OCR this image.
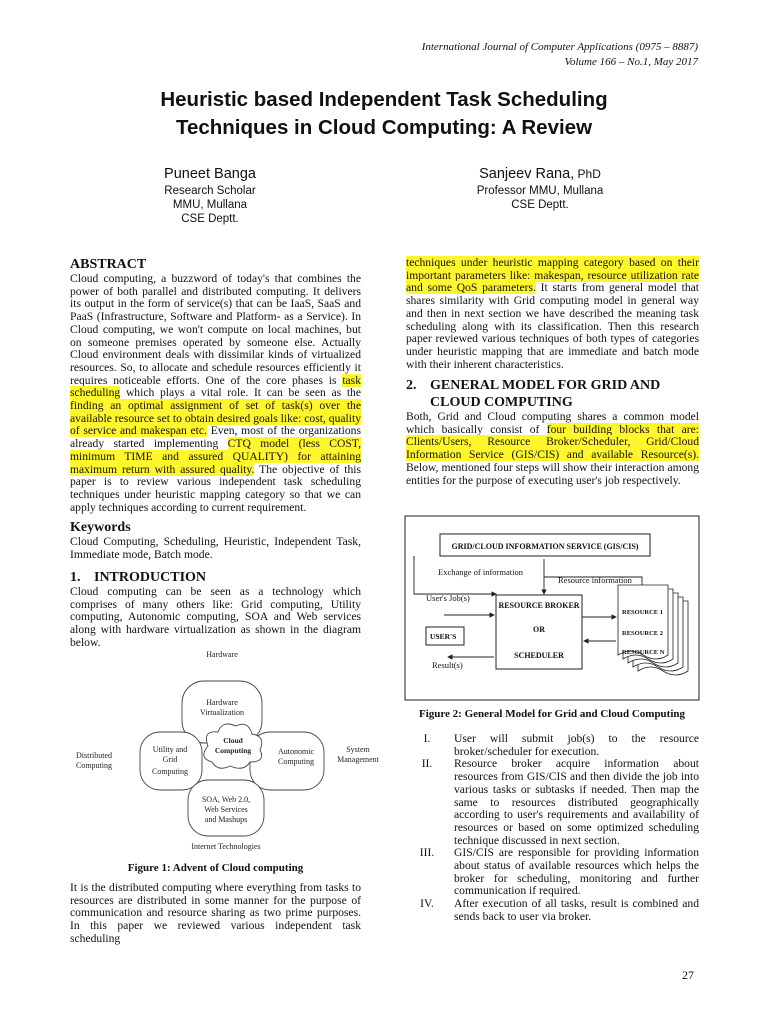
International Journal of Computer Applications (0975 – 8887)
Volume 166 – No.1, May 2017
Heuristic based Independent Task Scheduling
Techniques in Cloud Computing: A Review
Puneet Banga
Research Scholar
MMU, Mullana
CSE Deptt.
Sanjeev Rana, PhD
Professor MMU, Mullana
CSE Deptt.
ABSTRACT

Cloud computing, a buzzword of today's that combines the power of both parallel and distributed computing. It delivers its output in the form of service(s) that can be IaaS, SaaS and PaaS (Infrastructure, Software and Platform- as a Service). In Cloud computing, we won't compute on local machines, but on someone premises operated by someone else. Actually Cloud environment deals with dissimilar kinds of virtualized resources. So, to allocate and schedule resources efficiently it requires noticeable efforts. One of the core phases is task scheduling which plays a vital role. It can be seen as the finding an optimal assignment of set of task(s) over the available resource set to obtain desired goals like: cost, quality of service and makespan etc. Even, most of the organizations already started implementing CTQ model (less COST, minimum TIME and assured QUALITY) for attaining maximum return with assured quality. The objective of this paper is to review various independent task scheduling techniques under heuristic mapping category so that we can apply techniques according to current requirement.

Keywords

Cloud Computing, Scheduling, Heuristic, Independent Task, Immediate mode, Batch mode.

1. INTRODUCTION

Cloud computing can be seen as a technology which comprises of many others like: Grid computing, Utility computing, Autonomic computing, SOA and Web services along with hardware virtualization as shown in the diagram below.

Hardware
Hardware
Virtualization
Cloud
Computing
Utility and
Grid
Computing
Autonomic
Computing
SOA, Web 2.0,
Web Services
and Mashups
Distributed
Computing
System
Management
Internet Technologies
Figure 1: Advent of Cloud computing

It is the distributed computing where everything from tasks to resources are distributed in some manner for the purpose of communication and resource sharing as two prime purposes. In this paper we reviewed various independent task scheduling

techniques under heuristic mapping category based on their important parameters like: makespan, resource utilization rate and some QoS parameters. It starts from general model that shares similarity with Grid computing model in general way and then in next section we have described the meaning task scheduling along with its classification. Then this research paper reviewed various techniques of both types of categories under heuristic mapping that are immediate and batch mode with their inherent characteristics.

2. GENERAL MODEL FOR GRID AND
CLOUD COMPUTING

Both, Grid and Cloud computing shares a common model which basically consist of four building blocks that are: Clients/Users, Resource Broker/Scheduler, Grid/Cloud Information Service (GIS/CIS) and available Resource(s). Below, mentioned four steps will show their interaction among entities for the purpose of executing user's job respectively.

GRID/CLOUD INFORMATION SERVICE (GIS/CIS)
Exchange of information
Resource information
User's Job(s)
USER'S
Result(s)
RESOURCE BROKER
OR
SCHEDULER
RESOURCE 1
RESOURCE 2
RESOURCE N
Figure 2: General Model for Grid and Cloud Computing
I.	User will submit job(s) to the resource broker/scheduler for execution.
II.	Resource broker acquire information about resources from GIS/CIS and then divide the job into various tasks or subtasks if needed. Then map the same to resources distributed geographically according to user's requirements and availability of resources or based on some optimized scheduling technique discussed in next section.
III.	GIS/CIS are responsible for providing information about status of available resources which helps the broker for scheduling, monitoring and further communication if required.
IV.	After execution of all tasks, result is combined and sends back to user via broker.
27
